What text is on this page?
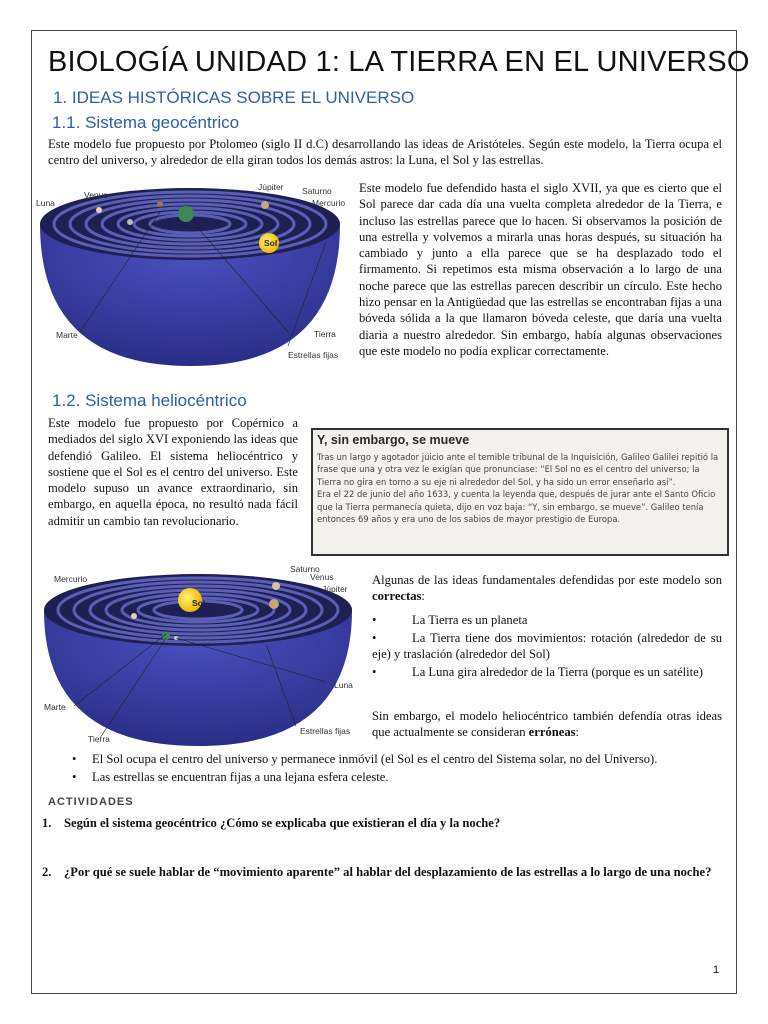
BIOLOGÍA UNIDAD 1: LA TIERRA EN EL UNIVERSO
1. IDEAS HISTÓRICAS SOBRE EL UNIVERSO
1.1. Sistema geocéntrico
Este modelo fue propuesto por Ptolomeo (siglo II d.C) desarrollando las ideas de Aristóteles. Según este modelo, la Tierra ocupa el centro del universo, y alrededor de ella giran todos los demás astros: la Luna, el Sol y las estrellas.
Venus
Júpiter Saturno
Luna	Mercurio
Sol
Marte	Tierra
Estrellas fijas
Este modelo fue defendido hasta el siglo XVII, ya que es cierto que el Sol parece dar cada día una vuelta completa alrededor de la Tierra, e incluso las estrellas parece que lo hacen. Si observamos la posición de una estrella y volvemos a mirarla unas horas después, su situación ha cambiado y junto a ella parece que se ha desplazado todo el firmamento. Si repetimos esta misma observación a lo largo de una noche parece que las estrellas parecen describir un círculo. Este hecho hizo pensar en la Antigüedad que las estrellas se encontraban fijas a una bóveda sólida a la que llamaron bóveda celeste, que daría una vuelta diaria a nuestro alrededor. Sin embargo, había algunas observaciones que este modelo no podía explicar correctamente.
1.2. Sistema heliocéntrico
Este modelo fue propuesto por Copérnico a mediados del siglo XVI exponiendo las ideas que defendió Galileo. El sistema heliocéntrico y sostiene que el Sol es el centro del universo. Este modelo supuso un avance extraordinario, sin embargo, en aquella época, no resultó nada fácil admitir un cambio tan revolucionario.
Y, sin embargo, se mueve

Tras un largo y agotador juicio ante el temible tribunal de la Inquisición, Galileo Galilei repitió la frase que una y otra vez le exigían que pronunciase: “El Sol no es el centro del universo; la Tierra no gira en torno a su eje ni alrededor del Sol, y ha sido un error enseñarlo así”.

Era el 22 de junio del año 1633, y cuenta la leyenda que, después de jurar ante el Santo Oficio que la Tierra permanecía quieta, dijo en voz baja: “Y, sin embargo, se mueve”. Galileo tenía entonces 69 años y era uno de los sabios de mayor prestigio de Europa.

Mercurio
Saturno
Venus
Júpiter
Sol
Luna
Marte
Estrellas fijas
Tierra
Algunas de las ideas fundamentales defendidas por este modelo son correctas:
•	La Tierra es un planeta
•	La Tierra tiene dos movimientos: rotación (alrededor de su eje) y traslación (alrededor del Sol)
•	La Luna gira alrededor de la Tierra (porque es un satélite)
Sin embargo, el modelo heliocéntrico también defendía otras ideas que actualmente se consideran erróneas:
•	El Sol ocupa el centro del universo y permanece inmóvil (el Sol es el centro del Sistema solar, no del Universo).
•	Las estrellas se encuentran fijas a una lejana esfera celeste.
ACTIVIDADES
1. Según el sistema geocéntrico ¿Cómo se explicaba que existieran el día y la noche?
2. ¿Por qué se suele hablar de “movimiento aparente” al hablar del desplazamiento de las estrellas a lo largo de una noche?
1
